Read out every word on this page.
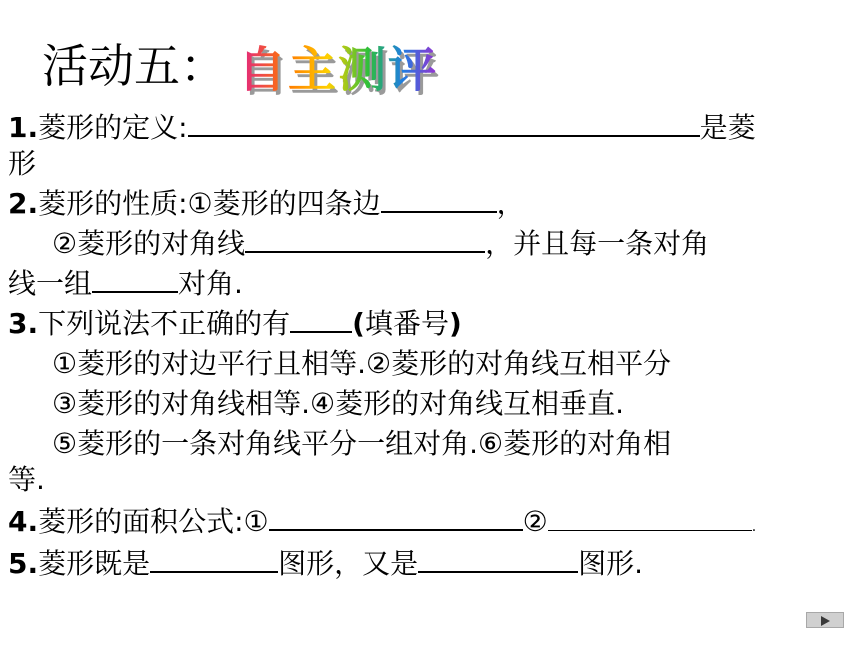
活动五： 自主测评
1.菱形的定义:	是菱
形
2.菱形的性质:①菱形的四条边	，
②菱形的对角线	，并且每一条对角
线一组	对角.
3.下列说法不正确的有 (填番号)
①菱形的对边平行且相等.②菱形的对角线互相平分
③菱形的对角线相等.④菱形的对角线互相垂直.
⑤菱形的一条对角线平分一组对角.⑥菱形的对角相
等.
4.菱形的面积公式:①	②	.
5.菱形既是	图形，又是	图形.
